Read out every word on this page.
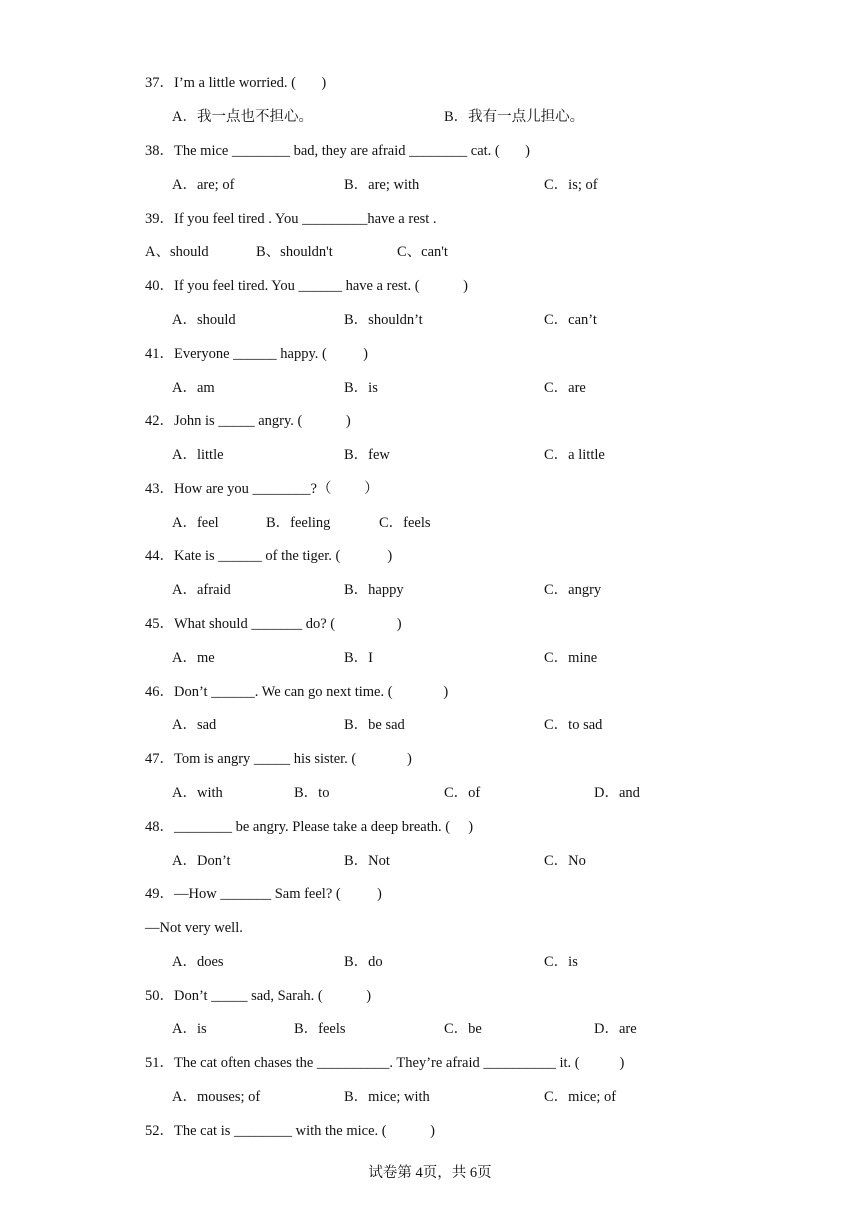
37．I’m a little worried. (       )
A．我一点也不担心。	B．我有一点儿担心。
38．The mice ________ bad, they are afraid ________ cat. (       )
A．are; of	B．are; with	C．is; of
39．If you feel tired . You _________have a rest .
A、should	B、shouldn't	C、can't
40．If you feel tired. You ______ have a rest. (            )
A．should	B．shouldn’t	C．can’t
41．Everyone ______ happy. (          )
A．am	B．is	C．are
42．John is _____ angry. (            )
A．little	B．few	C．a little
43．How are you ________?（         ）
A．feel	B．feeling	C．feels
44．Kate is ______ of the tiger. (             )
A．afraid	B．happy	C．angry
45．What should _______ do? (                 )
A．me	B．I	C．mine
46．Don’t ______. We can go next time. (              )
A．sad	B．be sad	C．to sad
47．Tom is angry _____ his sister. (              )
A．with	B．to	C．of	D．and
48．________ be angry. Please take a deep breath. (     )
A．Don’t	B．Not	C．No
49．—How _______ Sam feel? (          )
—Not very well.
A．does	B．do	C．is
50．Don’t _____ sad, Sarah. (            )
A．is	B．feels	C．be	D．are
51．The cat often chases the __________. They’re afraid __________ it. (           )
A．mouses; of	B．mice; with	C．mice; of
52．The cat is ________ with the mice. (            )
试卷第 4页，共 6页
